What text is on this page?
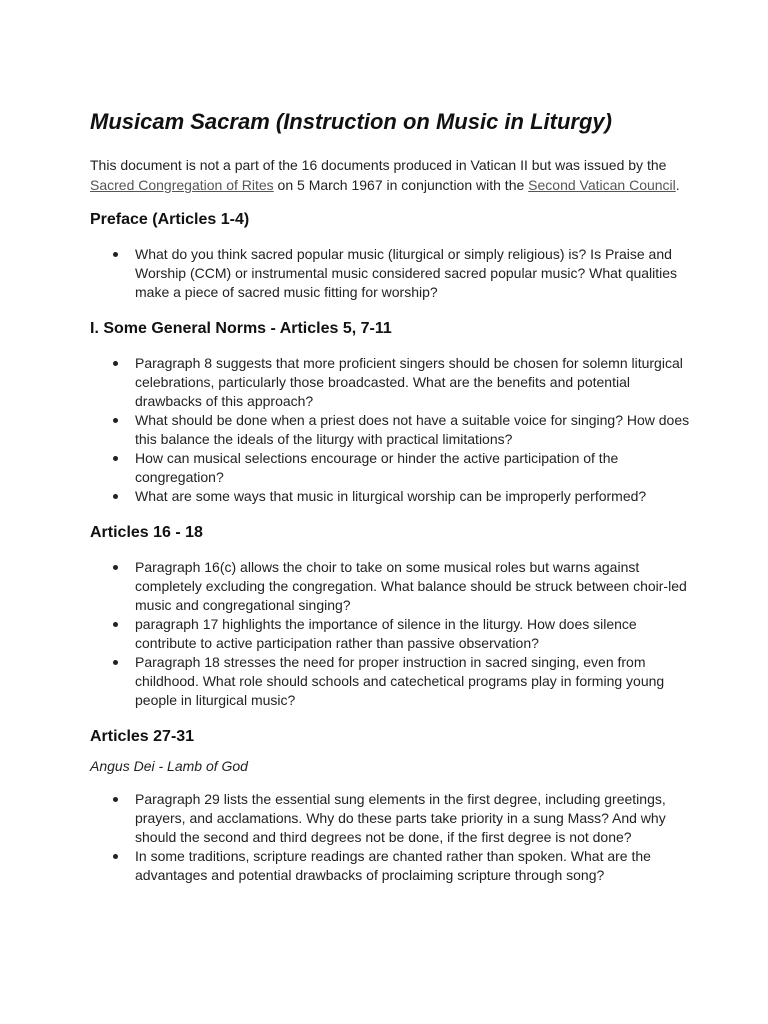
Musicam Sacram (Instruction on Music in Liturgy)

This document is not a part of the 16 documents produced in Vatican II but was issued by the Sacred Congregation of Rites on 5 March 1967 in conjunction with the Second Vatican Council.

Preface (Articles 1-4)
What do you think sacred popular music (liturgical or simply religious) is? Is Praise and Worship (CCM) or instrumental music considered sacred popular music? What qualities make a piece of sacred music fitting for worship?
I. Some General Norms - Articles 5, 7-11
Paragraph 8 suggests that more proficient singers should be chosen for solemn liturgical celebrations, particularly those broadcasted. What are the benefits and potential drawbacks of this approach?
What should be done when a priest does not have a suitable voice for singing? How does this balance the ideals of the liturgy with practical limitations?
How can musical selections encourage or hinder the active participation of the congregation?
What are some ways that music in liturgical worship can be improperly performed?
Articles 16 - 18
Paragraph 16(c) allows the choir to take on some musical roles but warns against completely excluding the congregation. What balance should be struck between choir-led music and congregational singing?
paragraph 17 highlights the importance of silence in the liturgy. How does silence contribute to active participation rather than passive observation?
Paragraph 18 stresses the need for proper instruction in sacred singing, even from childhood. What role should schools and catechetical programs play in forming young people in liturgical music?
Articles 27-31
Angus Dei - Lamb of God
Paragraph 29 lists the essential sung elements in the first degree, including greetings, prayers, and acclamations. Why do these parts take priority in a sung Mass? And why should the second and third degrees not be done, if the first degree is not done?
In some traditions, scripture readings are chanted rather than spoken. What are the advantages and potential drawbacks of proclaiming scripture through song?
